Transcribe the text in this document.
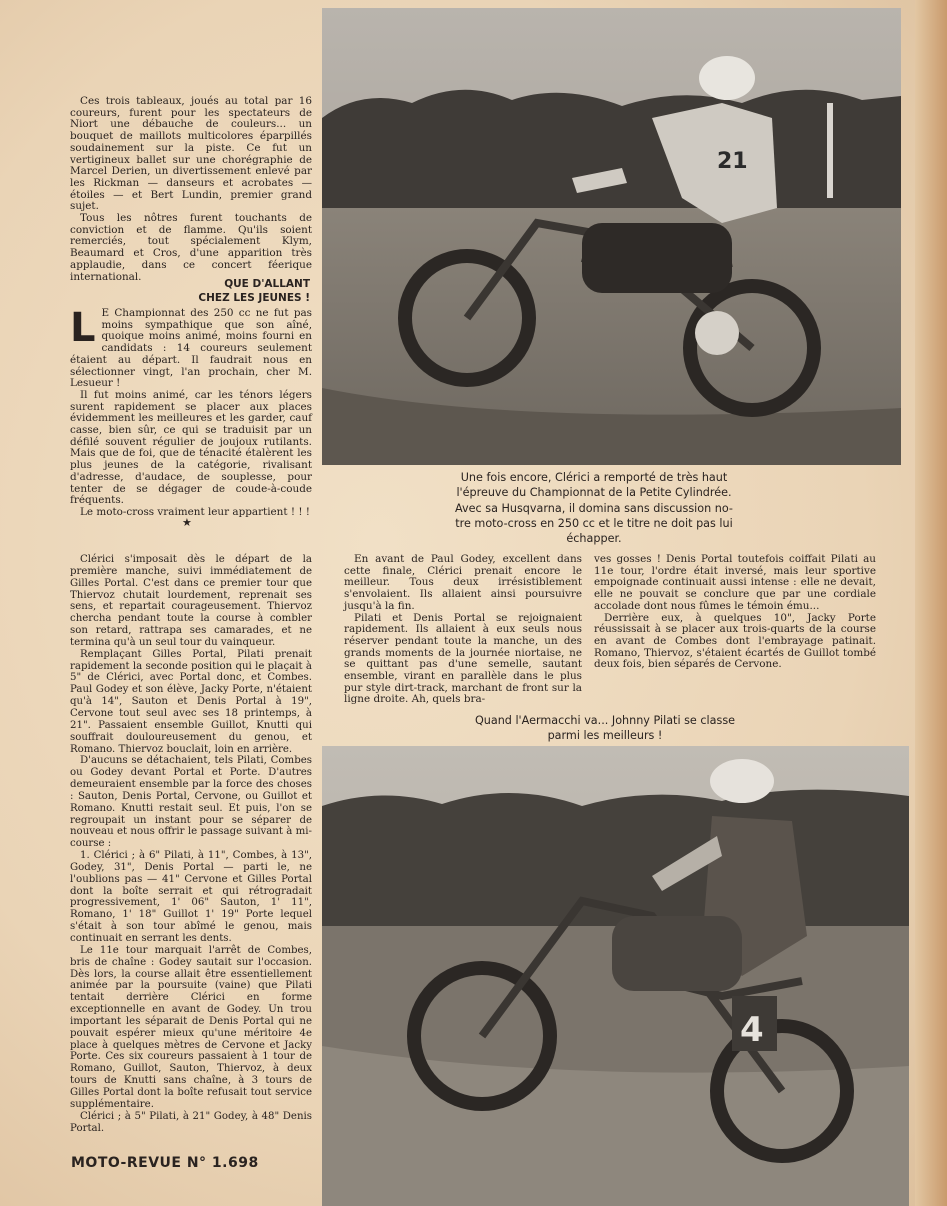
Ces trois tableaux, joués au total par 16 coureurs, furent pour les spectateurs de Niort une débauche de couleurs... un bouquet de maillots multicolores éparpillés soudainement sur la piste. Ce fut un vertigineux ballet sur une chorégraphie de Marcel Derien, un divertissement enlevé par les Rickman — danseurs et acrobates — étoiles — et Bert Lundin, premier grand sujet.

Tous les nôtres furent touchants de conviction et de flamme. Qu'ils soient remerciés, tout spécialement Klym, Beaumard et Cros, d'une apparition très applaudie, dans ce concert féerique international.

QUE D'ALLANT
CHEZ LES JEUNES !

L E Championnat des 250 cc ne fut pas moins sympathique que son aîné, quoique moins animé, moins fourni en candidats : 14 coureurs seulement étaient au départ. Il faudrait nous en sélectionner vingt, l'an prochain, cher M. Lesueur !

Il fut moins animé, car les ténors légers surent rapidement se placer aux places évidemment les meilleures et les garder, cauf casse, bien sûr, ce qui se traduisit par un défilé souvent régulier de joujoux rutilants. Mais que de foi, que de ténacité étalèrent les plus jeunes de la catégorie, rivalisant d'adresse, d'audace, de souplesse, pour tenter de se dégager de coude-à-coude fréquents.

Le moto-cross vraiment leur appartient ! ! !

★

Clérici s'imposait dès le départ de la première manche, suivi immédiatement de Gilles Portal. C'est dans ce premier tour que Thiervoz chutait lourdement, reprenait ses sens, et repartait courageusement. Thiervoz chercha pendant toute la course à combler son retard, rattrapa ses camarades, et ne termina qu'à un seul tour du vainqueur.

Remplaçant Gilles Portal, Pilati prenait rapidement la seconde position qui le plaçait à 5" de Clérici, avec Portal donc, et Combes. Paul Godey et son élève, Jacky Porte, n'étaient qu'à 14", Sauton et Denis Portal à 19", Cervone tout seul avec ses 18 printemps, à 21". Passaient ensemble Guillot, Knutti qui souffrait douloureusement du genou, et Romano. Thiervoz bouclait, loin en arrière.

D'aucuns se détachaient, tels Pilati, Combes ou Godey devant Portal et Porte. D'autres demeuraient ensemble par la force des choses : Sauton, Denis Portal, Cervone, ou Guillot et Romano. Knutti restait seul. Et puis, l'on se regroupait un instant pour se séparer de nouveau et nous offrir le passage suivant à mi-course :

1. Clérici ; à 6" Pilati, à 11", Combes, à 13", Godey, 31", Denis Portal — parti le, ne l'oublions pas — 41" Cervone et Gilles Portal dont la boîte serrait et qui rétrogradait progressivement, 1' 06" Sauton, 1' 11", Romano, 1' 18" Guillot 1' 19" Porte lequel s'était à son tour abîmé le genou, mais continuait en serrant les dents.

Le 11e tour marquait l'arrêt de Combes, bris de chaîne : Godey sautait sur l'occasion. Dès lors, la course allait être essentiellement animée par la poursuite (vaine) que Pilati tentait derrière Clérici en forme exceptionnelle en avant de Godey. Un trou important les séparait de Denis Portal qui ne pouvait espérer mieux qu'une méritoire 4e place à quelques mètres de Cervone et Jacky Porte. Ces six coureurs passaient à 1 tour de Romano, Guillot, Sauton, Thiervoz, à deux tours de Knutti sans chaîne, à 3 tours de Gilles Portal dont la boîte refusait tout service supplémentaire.

Clérici ; à 5" Pilati, à 21" Godey, à 48" Denis Portal.

En avant de Paul Godey, excellent dans cette finale, Clérici prenait encore le meilleur. Tous deux irrésistiblement s'envolaient. Ils allaient ainsi poursuivre jusqu'à la fin.

Pilati et Denis Portal se rejoignaient rapidement. Ils allaient à eux seuls nous réserver pendant toute la manche, un des grands moments de la journée niortaise, ne se quittant pas d'une semelle, sautant ensemble, virant en parallèle dans le plus pur style dirt-track, marchant de front sur la ligne droite. Ah, quels bra-

ves gosses ! Denis Portal toutefois coiffait Pilati au 11e tour, l'ordre était inversé, mais leur sportive empoignade continuait aussi intense : elle ne devait, elle ne pouvait se conclure que par une cordiale accolade dont nous fûmes le témoin ému...

Derrière eux, à quelques 10", Jacky Porte réussissait à se placer aux trois-quarts de la course en avant de Combes dont l'embrayage patinait. Romano, Thiervoz, s'étaient écartés de Guillot tombé deux fois, bien séparés de Cervone.

21
Une fois encore, Clérici a remporté de très haut
l'épreuve du Championnat de la Petite Cylindrée.
Avec sa Husqvarna, il domina sans discussion no-
tre moto-cross en 250 cc et le titre ne doit pas lui
échapper.
Quand l'Aermacchi va... Johnny Pilati se classe
parmi les meilleurs !
4
MOTO-REVUE N° 1.698
